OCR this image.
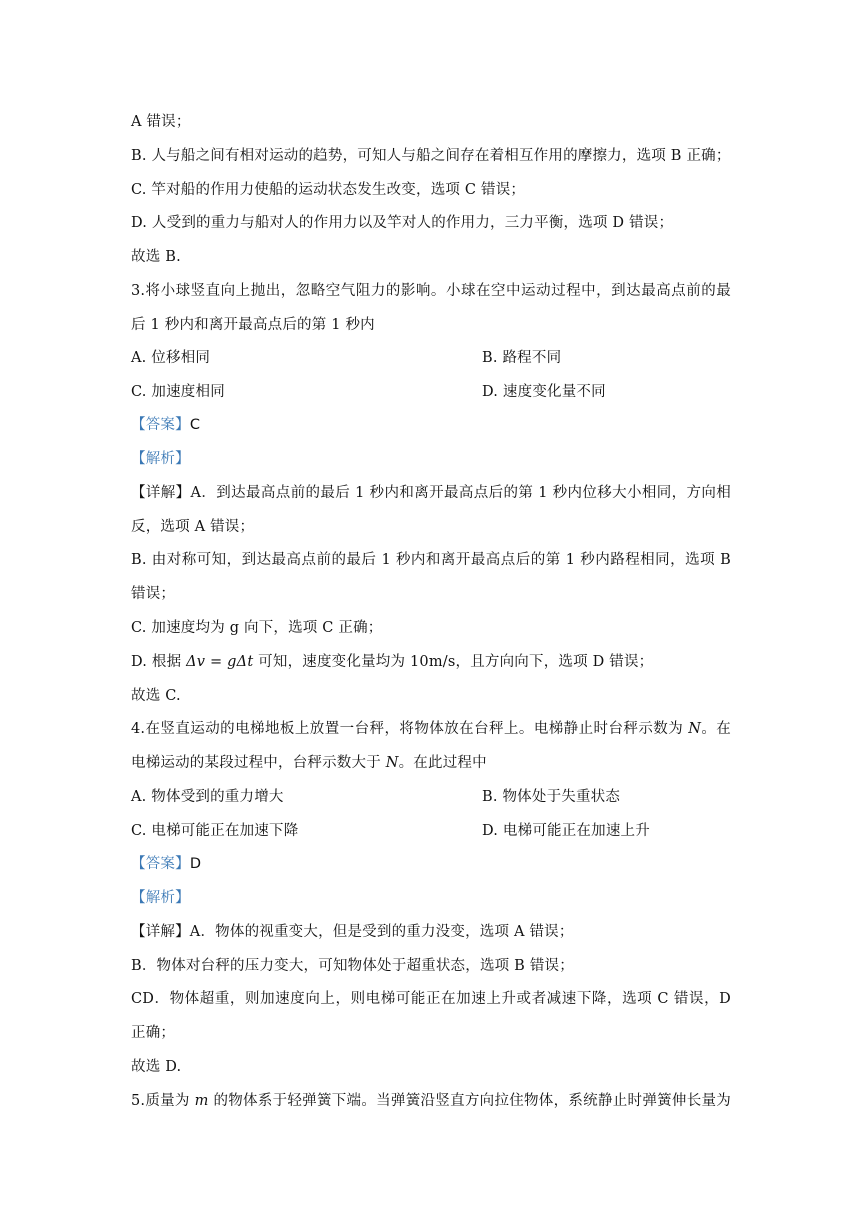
A 错误；
B. 人与船之间有相对运动的趋势，可知人与船之间存在着相互作用的摩擦力，选项 B 正确；
C. 竿对船的作用力使船的运动状态发生改变，选项 C 错误；
D. 人受到的重力与船对人的作用力以及竿对人的作用力，三力平衡，选项 D 错误；
故选 B.
3.将小球竖直向上抛出，忽略空气阻力的影响。小球在空中运动过程中，到达最高点前的最
后 1 秒内和离开最高点后的第 1 秒内
A. 位移相同	B. 路程不同
C. 加速度相同	D. 速度变化量不同
【答案】C
【解析】
【详解】A．到达最高点前的最后 1 秒内和离开最高点后的第 1 秒内位移大小相同，方向相
反，选项 A 错误；
B. 由对称可知，到达最高点前的最后 1 秒内和离开最高点后的第 1 秒内路程相同，选项 B
错误；
C. 加速度均为 g 向下，选项 C 正确；
D. 根据 Δv = gΔt 可知，速度变化量均为 10m/s，且方向向下，选项 D 错误；
故选 C.
4.在竖直运动的电梯地板上放置一台秤，将物体放在台秤上。电梯静止时台秤示数为 N。在
电梯运动的某段过程中，台秤示数大于 N。在此过程中
A. 物体受到的重力增大	B. 物体处于失重状态
C. 电梯可能正在加速下降	D. 电梯可能正在加速上升
【答案】D
【解析】
【详解】A．物体的视重变大，但是受到的重力没变，选项 A 错误；
B．物体对台秤的压力变大，可知物体处于超重状态，选项 B 错误；
CD．物体超重，则加速度向上，则电梯可能正在加速上升或者减速下降，选项 C 错误，D
正确；
故选 D.
5.质量为 m 的物体系于轻弹簧下端。当弹簧沿竖直方向拉住物体，系统静止时弹簧伸长量为
